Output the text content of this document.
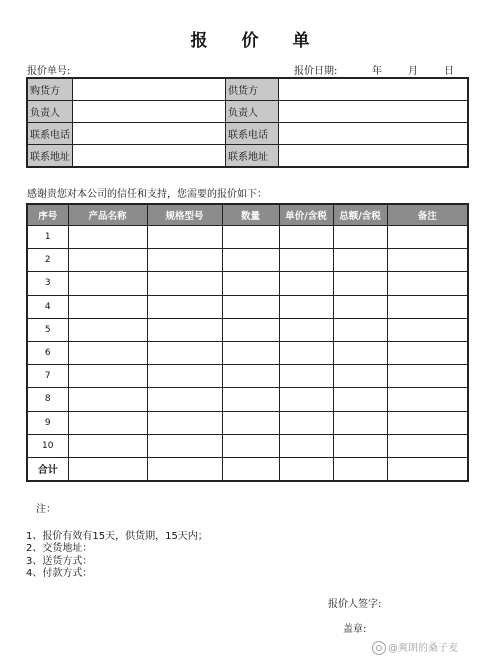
报 价 单
报价单号:	报价日期:	年	月	日
购货方		供货方	
负责人		负责人	
联系电话		联系电话	
联系地址		联系地址	
感谢贵您对本公司的信任和支持，您需要的报价如下：
序号	产品名称	规格型号	数量	单价/含税	总额/含税	备注
1						
2						
3						
4						
5						
6						
7						
8						
9						
10						
合计						
注：
1、报价有效有15天，供货期，15天内；
2、交货地址：
3、送货方式：
4、付款方式：
报价人签字:
盖章:
@爽朗的桑子麦
